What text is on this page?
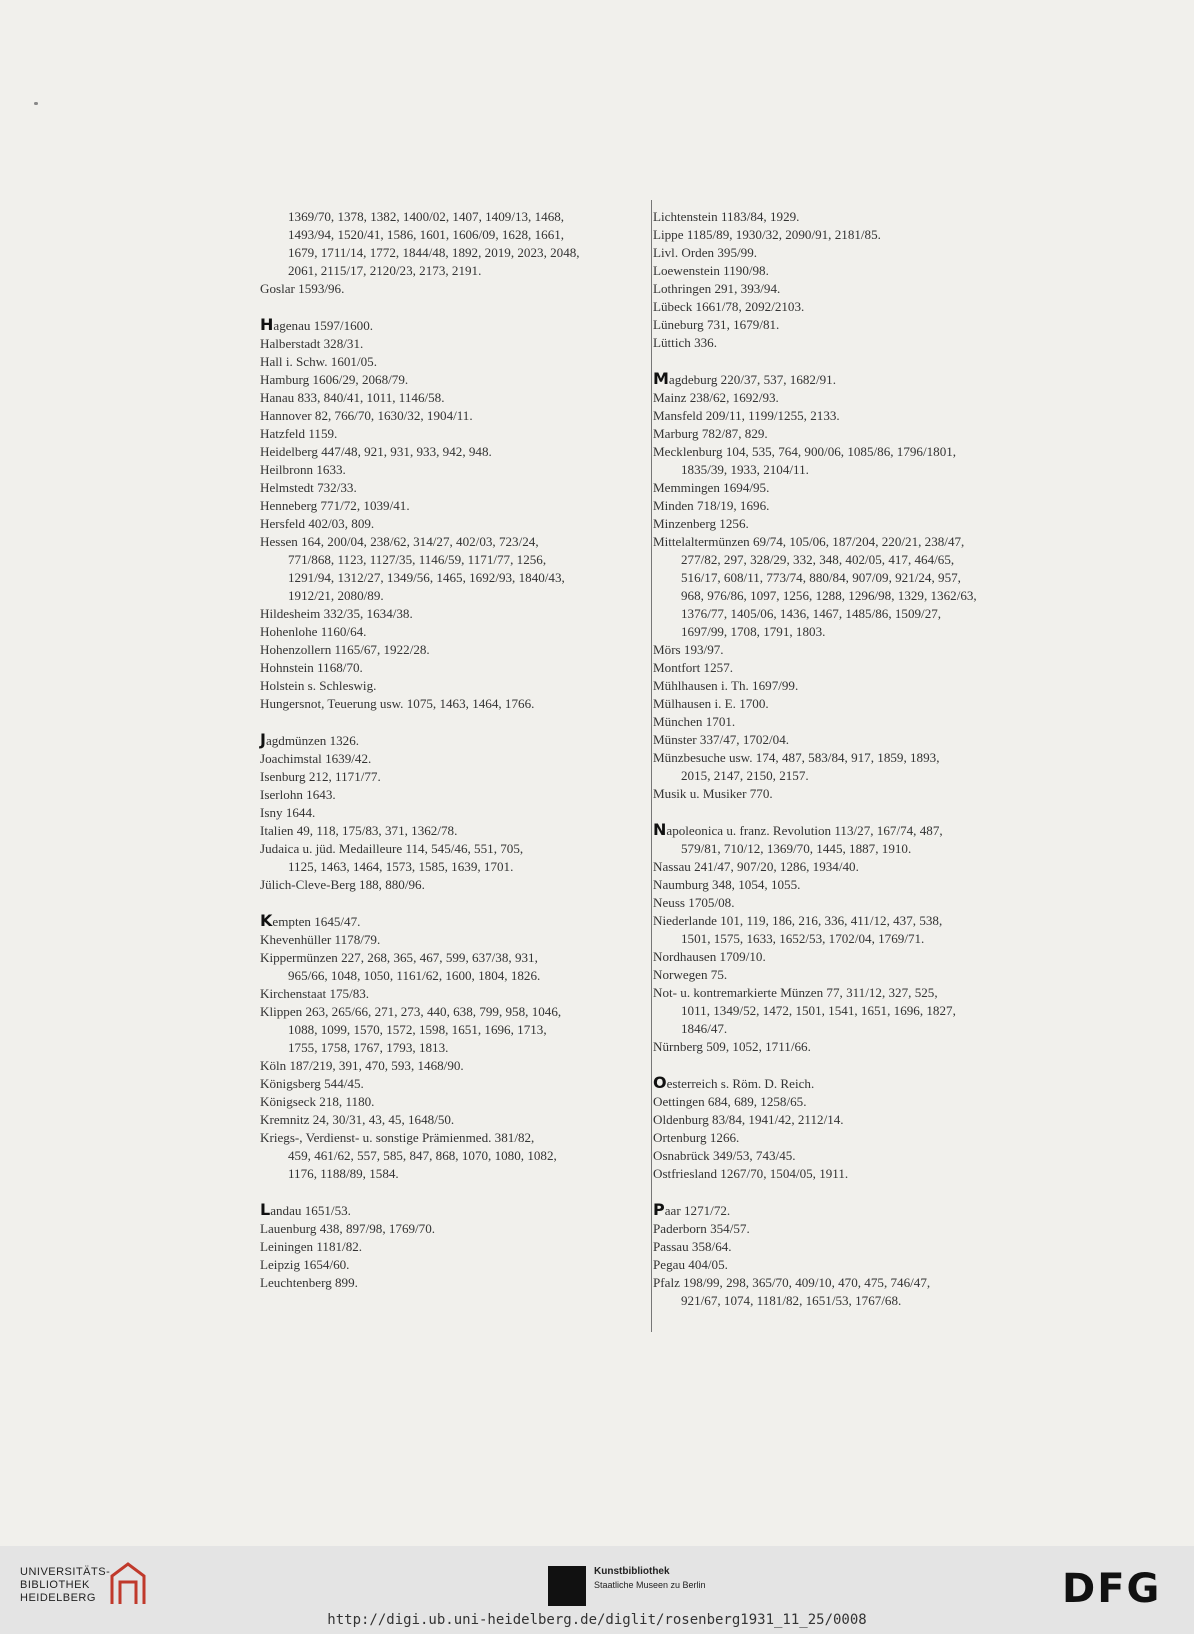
1369/70, 1378, 1382, 1400/02, 1407, 1409/13, 1468,
1493/94, 1520/41, 1586, 1601, 1606/09, 1628, 1661,
1679, 1711/14, 1772, 1844/48, 1892, 2019, 2023, 2048,
2061, 2115/17, 2120/23, 2173, 2191.
Goslar 1593/96.
Hagenau 1597/1600.
Halberstadt 328/31.
Hall i. Schw. 1601/05.
Hamburg 1606/29, 2068/79.
Hanau 833, 840/41, 1011, 1146/58.
Hannover 82, 766/70, 1630/32, 1904/11.
Hatzfeld 1159.
Heidelberg 447/48, 921, 931, 933, 942, 948.
Heilbronn 1633.
Helmstedt 732/33.
Henneberg 771/72, 1039/41.
Hersfeld 402/03, 809.
Hessen 164, 200/04, 238/62, 314/27, 402/03, 723/24,
771/868, 1123, 1127/35, 1146/59, 1171/77, 1256,
1291/94, 1312/27, 1349/56, 1465, 1692/93, 1840/43,
1912/21, 2080/89.
Hildesheim 332/35, 1634/38.
Hohenlohe 1160/64.
Hohenzollern 1165/67, 1922/28.
Hohnstein 1168/70.
Holstein s. Schleswig.
Hungersnot, Teuerung usw. 1075, 1463, 1464, 1766.
Jagdmünzen 1326.
Joachimstal 1639/42.
Isenburg 212, 1171/77.
Iserlohn 1643.
Isny 1644.
Italien 49, 118, 175/83, 371, 1362/78.
Judaica u. jüd. Medailleure 114, 545/46, 551, 705,
1125, 1463, 1464, 1573, 1585, 1639, 1701.
Jülich-Cleve-Berg 188, 880/96.
Kempten 1645/47.
Khevenhüller 1178/79.
Kippermünzen 227, 268, 365, 467, 599, 637/38, 931,
965/66, 1048, 1050, 1161/62, 1600, 1804, 1826.
Kirchenstaat 175/83.
Klippen 263, 265/66, 271, 273, 440, 638, 799, 958, 1046,
1088, 1099, 1570, 1572, 1598, 1651, 1696, 1713,
1755, 1758, 1767, 1793, 1813.
Köln 187/219, 391, 470, 593, 1468/90.
Königsberg 544/45.
Königseck 218, 1180.
Kremnitz 24, 30/31, 43, 45, 1648/50.
Kriegs-, Verdienst- u. sonstige Prämienmed. 381/82,
459, 461/62, 557, 585, 847, 868, 1070, 1080, 1082,
1176, 1188/89, 1584.
Landau 1651/53.
Lauenburg 438, 897/98, 1769/70.
Leiningen 1181/82.
Leipzig 1654/60.
Leuchtenberg 899.
Lichtenstein 1183/84, 1929.
Lippe 1185/89, 1930/32, 2090/91, 2181/85.
Livl. Orden 395/99.
Loewenstein 1190/98.
Lothringen 291, 393/94.
Lübeck 1661/78, 2092/2103.
Lüneburg 731, 1679/81.
Lüttich 336.
Magdeburg 220/37, 537, 1682/91.
Mainz 238/62, 1692/93.
Mansfeld 209/11, 1199/1255, 2133.
Marburg 782/87, 829.
Mecklenburg 104, 535, 764, 900/06, 1085/86, 1796/1801,
1835/39, 1933, 2104/11.
Memmingen 1694/95.
Minden 718/19, 1696.
Minzenberg 1256.
Mittelaltermünzen 69/74, 105/06, 187/204, 220/21, 238/47,
277/82, 297, 328/29, 332, 348, 402/05, 417, 464/65,
516/17, 608/11, 773/74, 880/84, 907/09, 921/24, 957,
968, 976/86, 1097, 1256, 1288, 1296/98, 1329, 1362/63,
1376/77, 1405/06, 1436, 1467, 1485/86, 1509/27,
1697/99, 1708, 1791, 1803.
Mörs 193/97.
Montfort 1257.
Mühlhausen i. Th. 1697/99.
Mülhausen i. E. 1700.
München 1701.
Münster 337/47, 1702/04.
Münzbesuche usw. 174, 487, 583/84, 917, 1859, 1893,
2015, 2147, 2150, 2157.
Musik u. Musiker 770.
Napoleonica u. franz. Revolution 113/27, 167/74, 487,
579/81, 710/12, 1369/70, 1445, 1887, 1910.
Nassau 241/47, 907/20, 1286, 1934/40.
Naumburg 348, 1054, 1055.
Neuss 1705/08.
Niederlande 101, 119, 186, 216, 336, 411/12, 437, 538,
1501, 1575, 1633, 1652/53, 1702/04, 1769/71.
Nordhausen 1709/10.
Norwegen 75.
Not- u. kontremarkierte Münzen 77, 311/12, 327, 525,
1011, 1349/52, 1472, 1501, 1541, 1651, 1696, 1827,
1846/47.
Nürnberg 509, 1052, 1711/66.
Oesterreich s. Röm. D. Reich.
Oettingen 684, 689, 1258/65.
Oldenburg 83/84, 1941/42, 2112/14.
Ortenburg 1266.
Osnabrück 349/53, 743/45.
Ostfriesland 1267/70, 1504/05, 1911.
Paar 1271/72.
Paderborn 354/57.
Passau 358/64.
Pegau 404/05.
Pfalz 198/99, 298, 365/70, 409/10, 470, 475, 746/47,
921/67, 1074, 1181/82, 1651/53, 1767/68.
UNIVERSITÄTS-
BIBLIOTHEK
HEIDELBERG
Kunstbibliothek
Staatliche Museen zu Berlin	DFG
http://digi.ub.uni-heidelberg.de/diglit/rosenberg1931_11_25/0008
